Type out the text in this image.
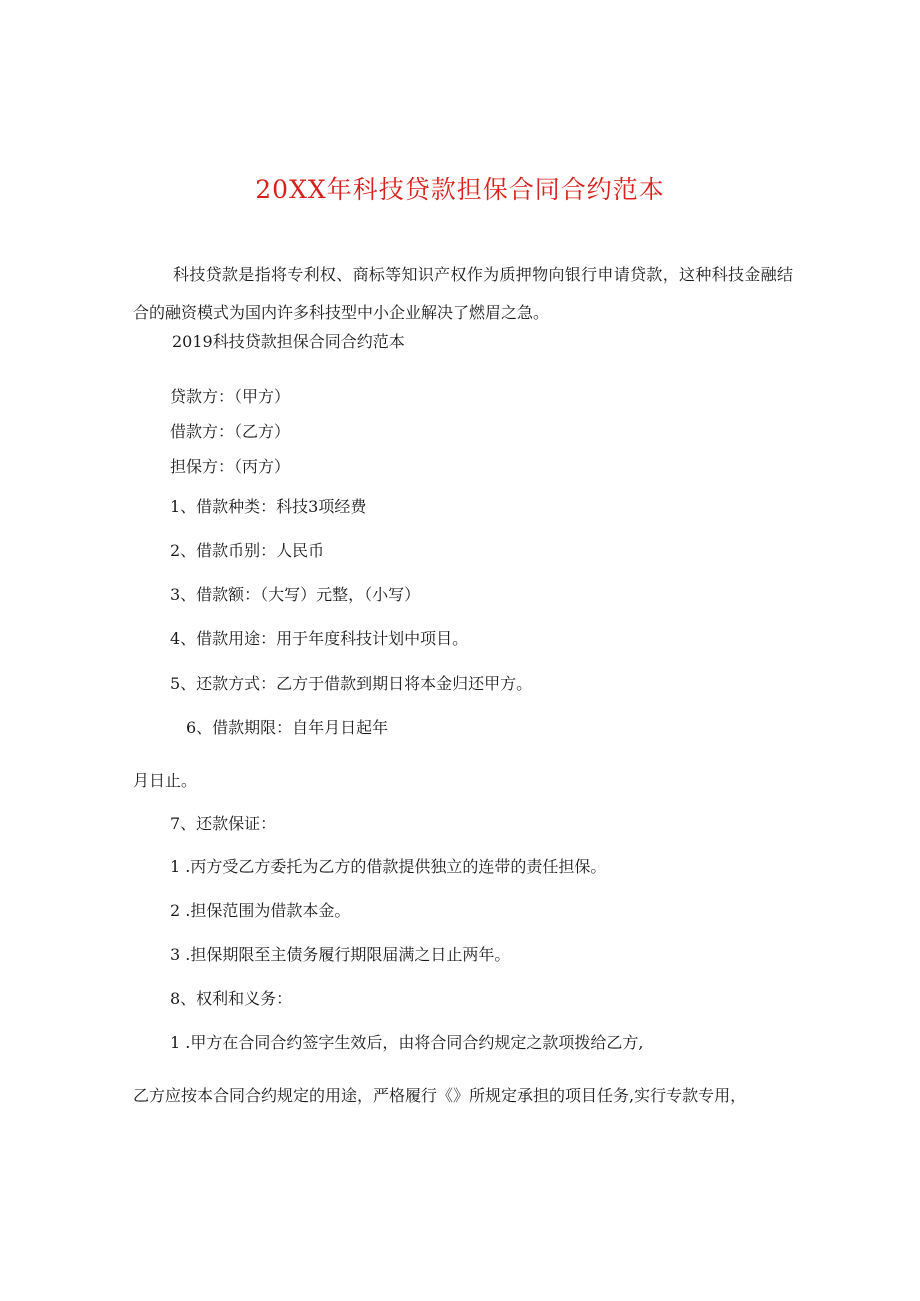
20XX年科技贷款担保合同合约范本
科技贷款是指将专利权、商标等知识产权作为质押物向银行申请贷款，这种科技金融结合的融资模式为国内许多科技型中小企业解决了燃眉之急。
2019科技贷款担保合同合约范本
贷款方：（甲方）
借款方：（乙方）
担保方：（丙方）
1、借款种类：科技3项经费
2、借款币别：人民币
3、借款额：（大写）元整，（小写）
4、借款用途：用于年度科技计划中项目。
5、还款方式：乙方于借款到期日将本金归还甲方。
6、借款期限：自年月日起年
月日止。
7、还款保证：
1 .丙方受乙方委托为乙方的借款提供独立的连带的责任担保。
2 .担保范围为借款本金。
3 .担保期限至主债务履行期限届满之日止两年。
8、权利和义务：
1 .甲方在合同合约签字生效后，由将合同合约规定之款项拨给乙方,
乙方应按本合同合约规定的用途，严格履行《》所规定承担的项目任务,实行专款专用，
